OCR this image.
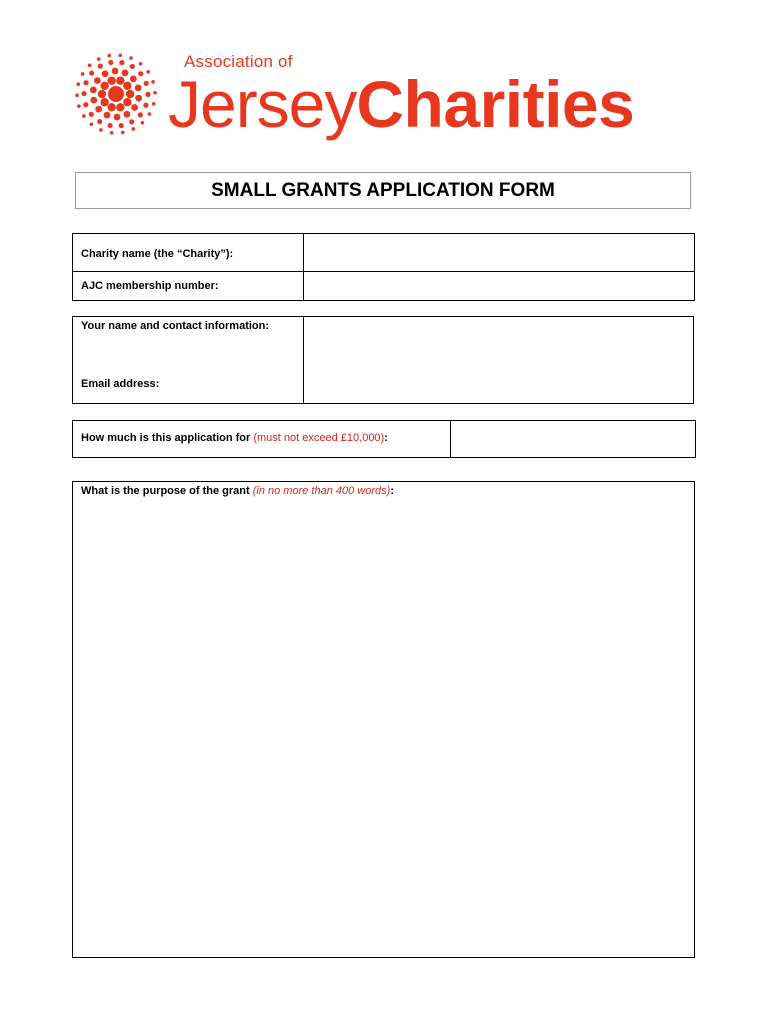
Association of
JerseyCharities
SMALL GRANTS APPLICATION FORM
Charity name (the “Charity”):
AJC membership number:
Your name and contact information:
Email address:
How much is this application for (must not exceed £10,000):
What is the purpose of the grant (in no more than 400 words):
